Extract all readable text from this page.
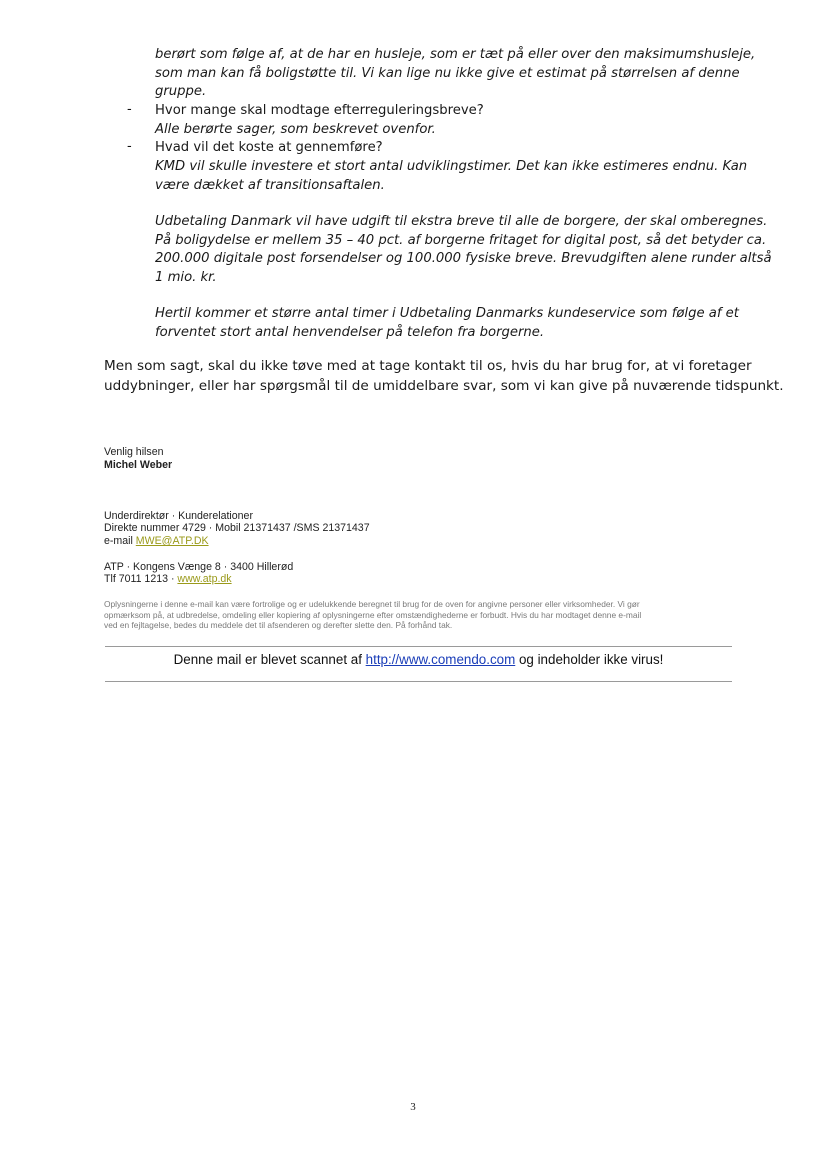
berørt som følge af, at de har en husleje, som er tæt på eller over den maksimumshusleje,
som man kan få boligstøtte til. Vi kan lige nu ikke give et estimat på størrelsen af denne
gruppe.
- Hvor mange skal modtage efterreguleringsbreve?
Alle berørte sager, som beskrevet ovenfor.
- Hvad vil det koste at gennemføre?
KMD vil skulle investere et stort antal udviklingstimer. Det kan ikke estimeres endnu. Kan
være dækket af transitionsaftalen.
Udbetaling Danmark vil have udgift til ekstra breve til alle de borgere, der skal omberegnes.
På boligydelse er mellem 35 – 40 pct. af borgerne fritaget for digital post, så det betyder ca.
200.000 digitale post forsendelser og 100.000 fysiske breve. Brevudgiften alene runder altså
1 mio. kr.
Hertil kommer et større antal timer i Udbetaling Danmarks kundeservice som følge af et
forventet stort antal henvendelser på telefon fra borgerne.
Men som sagt, skal du ikke tøve med at tage kontakt til os, hvis du har brug for, at vi foretager
uddybninger, eller har spørgsmål til de umiddelbare svar, som vi kan give på nuværende tidspunkt.
Venlig hilsen
Michel Weber
Underdirektør · Kunderelationer
Direkte nummer 4729 · Mobil 21371437 /SMS 21371437
e-mail MWE@ATP.DK
ATP · Kongens Vænge 8 · 3400 Hillerød
Tlf 7011 1213 · www.atp.dk
Oplysningerne i denne e-mail kan være fortrolige og er udelukkende beregnet til brug for de oven for angivne personer eller virksomheder. Vi gør
opmærksom på, at udbredelse, omdeling eller kopiering af oplysningerne efter omstændighederne er forbudt. Hvis du har modtaget denne e-mail
ved en fejltagelse, bedes du meddele det til afsenderen og derefter slette den. På forhånd tak.
Denne mail er blevet scannet af http://www.comendo.com og indeholder ikke virus!
3
